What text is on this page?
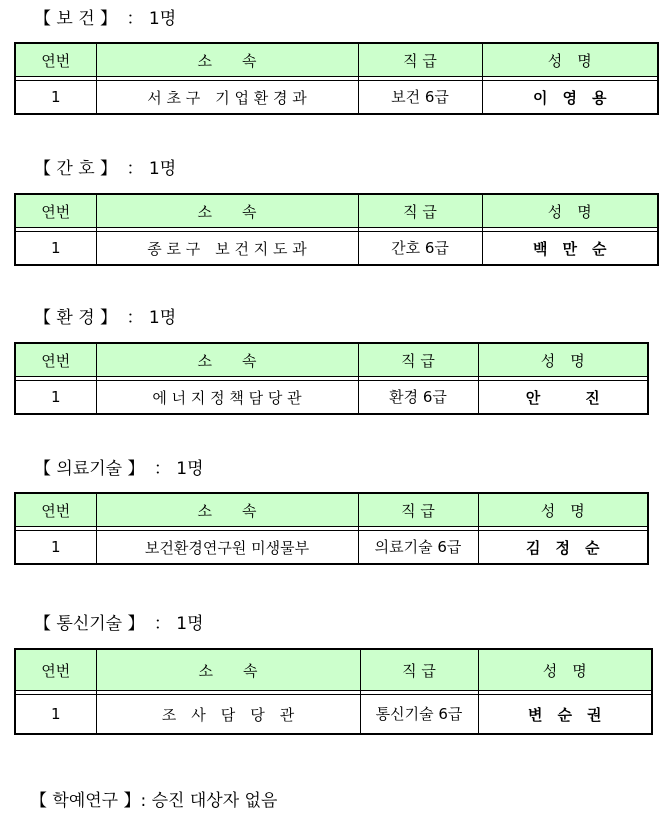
【 보 건 】 ： 1명
연번	소　　속	직 급	성　명

1	서 초 구　기 업 환 경 과	보건 6급	이　영　용
【 간 호 】 ： 1명
연번	소　　속	직 급	성　명

1	종 로 구　보 건 지 도 과	간호 6급	백　만　순
【 환 경 】 ： 1명
연번	소　　속	직 급	성　명

1	에 너 지 정 책 담 당 관	환경 6급	안　　　진
【 의료기술 】 ： 1명
연번	소　　속	직 급	성　명

1	보건환경연구원 미생물부	의료기술 6급	김　정　순
【 통신기술 】 ： 1명
연번	소　　속	직 급	성　명

1	조　사　담　당　관	통신기술 6급	변　순　권

【 학예연구 】: 승진 대상자 없음
